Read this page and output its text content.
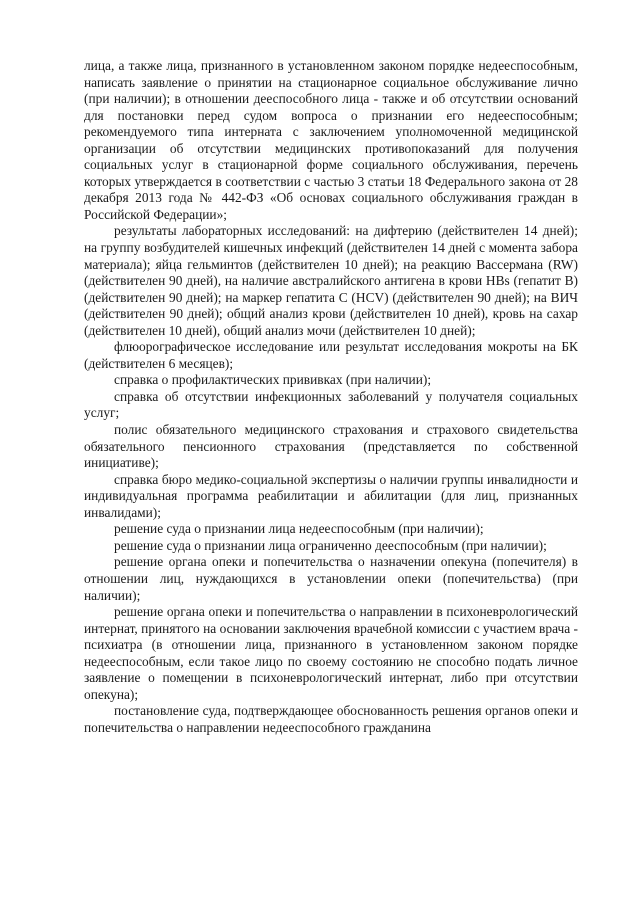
лица, а также лица, признанного в установленном законом порядке недееспособным, написать заявление о принятии на стационарное социальное обслуживание лично (при наличии); в отношении дееспособного лица - также и об отсутствии оснований для постановки перед судом вопроса о признании его недееспособным; рекомендуемого типа интерната с заключением уполномоченной медицинской организации об отсутствии медицинских противопоказаний для получения социальных услуг в стационарной форме социального обслуживания, перечень которых утверждается в соответствии с частью 3 статьи 18 Федерального закона от 28 декабря 2013 года № 442-ФЗ «Об основах социального обслуживания граждан в Российской Федерации»;

результаты лабораторных исследований: на дифтерию (действителен 14 дней); на группу возбудителей кишечных инфекций (действителен 14 дней с момента забора материала); яйца гельминтов (действителен 10 дней); на реакцию Вассермана (RW) (действителен 90 дней), на наличие австралийского антигена в крови HBs (гепатит В) (действителен 90 дней); на маркер гепатита С (HCV) (действителен 90 дней); на ВИЧ (действителен 90 дней); общий анализ крови (действителен 10 дней), кровь на сахар (действителен 10 дней), общий анализ мочи (действителен 10 дней);

флюорографическое исследование или результат исследования мокроты на БК (действителен 6 месяцев);

справка о профилактических прививках (при наличии);

справка об отсутствии инфекционных заболеваний у получателя социальных услуг;

полис обязательного медицинского страхования и страхового свидетельства обязательного пенсионного страхования (представляется по собственной инициативе);

справка бюро медико-социальной экспертизы о наличии группы инвалидности и индивидуальная программа реабилитации и абилитации (для лиц, признанных инвалидами);

решение суда о признании лица недееспособным (при наличии);

решение суда о признании лица ограниченно дееспособным (при наличии);

решение органа опеки и попечительства о назначении опекуна (попечителя) в отношении лиц, нуждающихся в установлении опеки (попечительства) (при наличии);

решение органа опеки и попечительства о направлении в психоневрологический интернат, принятого на основании заключения врачебной комиссии с участием врача - психиатра (в отношении лица, признанного в установленном законом порядке недееспособным, если такое лицо по своему состоянию не способно подать личное заявление о помещении в психоневрологический интернат, либо при отсутствии опекуна);

постановление суда, подтверждающее обоснованность решения органов опеки и попечительства о направлении недееспособного гражданина
